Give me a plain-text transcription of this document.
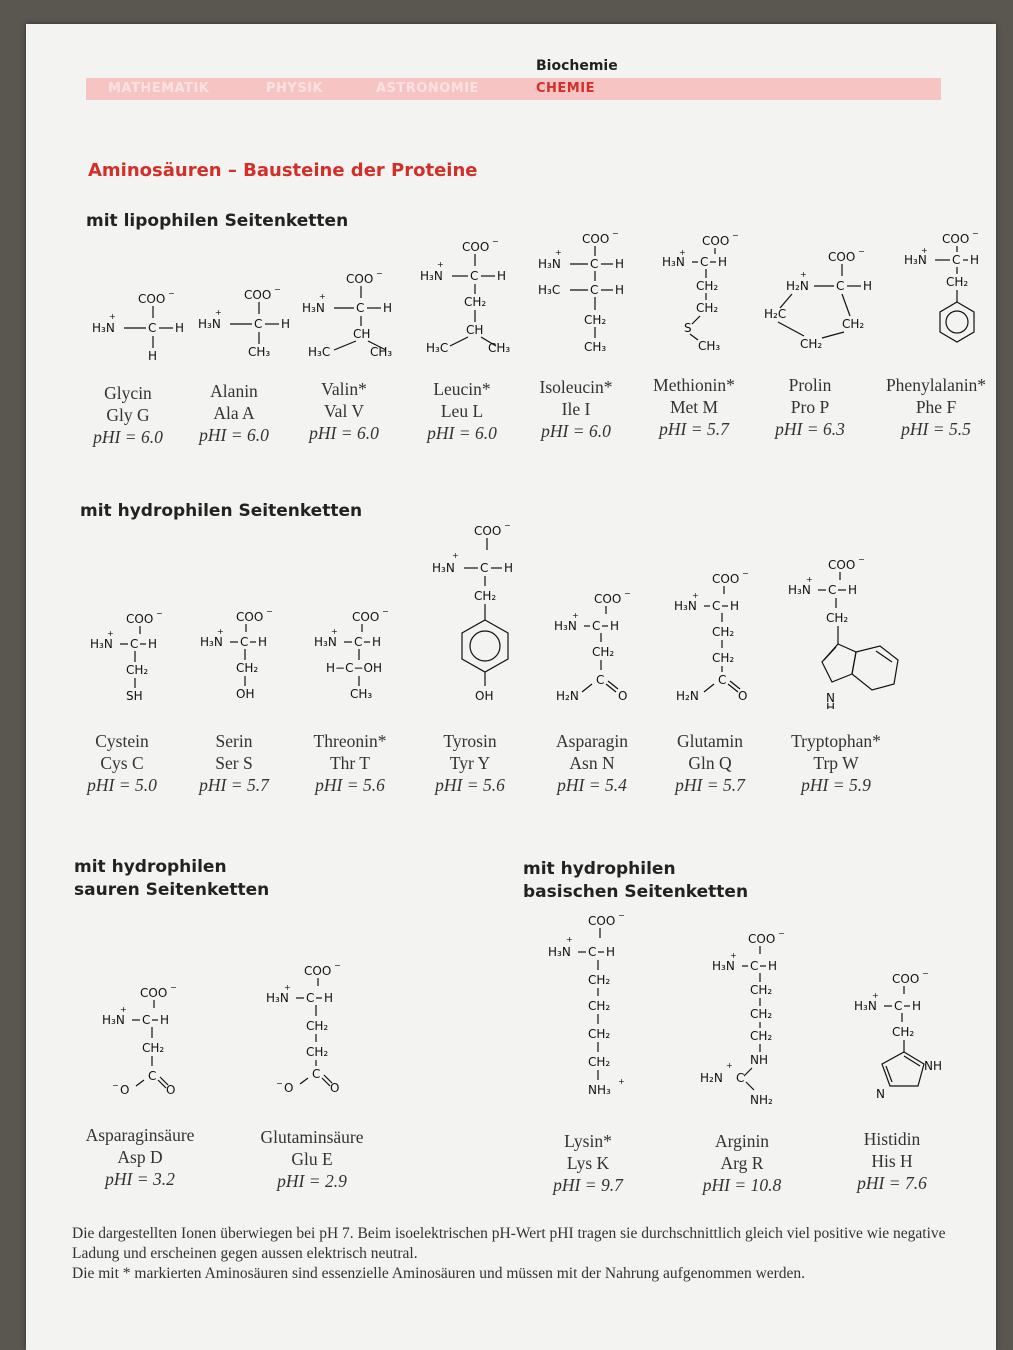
Biochemie
MATHEMATIK	PHYSIK	ASTRONOMIE	CHEMIE
Aminosäuren – Bausteine der Proteine
mit lipophilen Seitenketten
mit hydrophilen Seitenketten
mit hydrophilen
sauren Seitenketten
mit hydrophilen
basischen Seitenketten
COO −
H₃N
+
C H
H
COO −
H₃N
+
C H
CH₃
COO −
H₃N
+
C H
CH
H₃C	CH₃
COO −
H₃N
+
C H
CH₂
CH
H₃C	CH₃
COO −
H₃N
+
C H
H₃C C H
CH₂
CH₃
COO −
H₃N
+
C H
CH₂
CH₂
S
CH₃
COO −
H₂N
+
C H
H₂C
CH₂
CH₂
COO −
H₃N
+
C H
CH₂
Glycin
Gly G
pHI = 6.0
Alanin
Ala A
pHI = 6.0
Valin*
Val V
pHI = 6.0
Leucin*
Leu L
pHI = 6.0
Isoleucin*
Ile I
pHI = 6.0
Methionin*
Met M
pHI = 5.7
Prolin
Pro P
pHI = 6.3
Phenylalanin*
Phe F
pHI = 5.5
COO −
H₃N
+
C H
CH₂
SH
COO −
H₃N
+
C H
CH₂
OH
COO −
H₃N
+
C H
H−C−OH
CH₃
COO −
H₃N
+
C H
CH₂
OH
COO −
H₃N
+
C H
CH₂
C
H₂N	O
COO −
H₃N
+
C H
CH₂
CH₂
C
H₂N	O
COO −
H₃N
+
C H
CH₂
N
H
Cystein
Cys C
pHI = 5.0
Serin
Ser S
pHI = 5.7
Threonin*
Thr T
pHI = 5.6
Tyrosin
Tyr Y
pHI = 5.6
Asparagin
Asn N
pHI = 5.4
Glutamin
Gln Q
pHI = 5.7
Tryptophan*
Trp W
pHI = 5.9
COO −
H₃N
+
C H
CH₂
C
− O	O
COO −
H₃N
+
C H
CH₂
CH₂
C
− O	O
COO −
H₃N
+
C H
CH₂
CH₂
CH₂
CH₂
NH₃
+
COO −
H₃N
+
C H
CH₂
CH₂
CH₂
NH
+
H₂N C
NH₂
COO −
H₃N
+
C H
CH₂
NH
N
Asparaginsäure
Asp D
pHI = 3.2
Glutaminsäure
Glu E
pHI = 2.9
Lysin*
Lys K
pHI = 9.7
Arginin
Arg R
pHI = 10.8
Histidin
His H
pHI = 7.6
Die dargestellten Ionen überwiegen bei pH 7. Beim isoelektrischen pH-Wert pHI tragen sie durchschnittlich gleich viel positive wie negative Ladung und erscheinen gegen aussen elektrisch neutral.
Die mit * markierten Aminosäuren sind essenzielle Aminosäuren und müssen mit der Nahrung aufgenommen werden.
